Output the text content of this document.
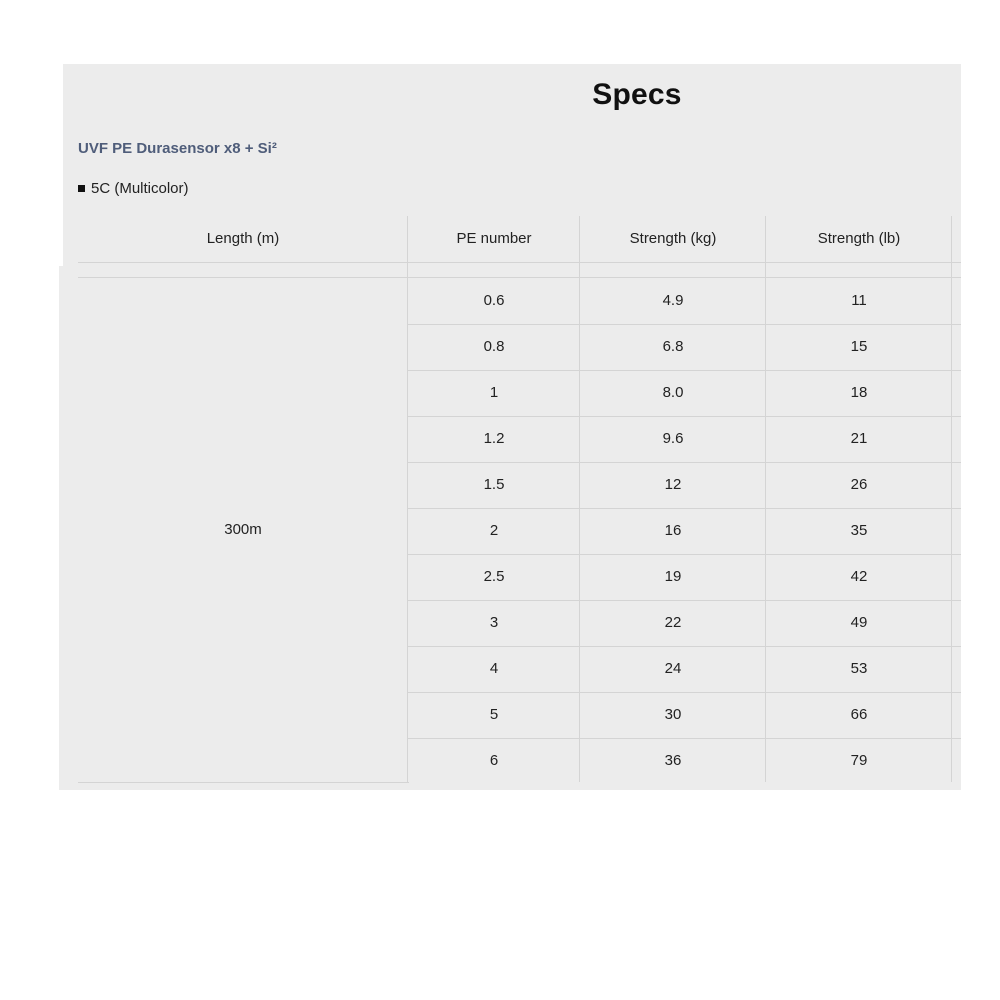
Specs
UVF PE Durasensor x8 + Si²
5C (Multicolor)
Length (m)	PE number	Strength (kg)	Strength (lb)
300m
0.6	4.9	11
0.8	6.8	15
1	8.0	18
1.2	9.6	21
1.5	12	26
2	16	35
2.5	19	42
3	22	49
4	24	53
5	30	66
6	36	79
